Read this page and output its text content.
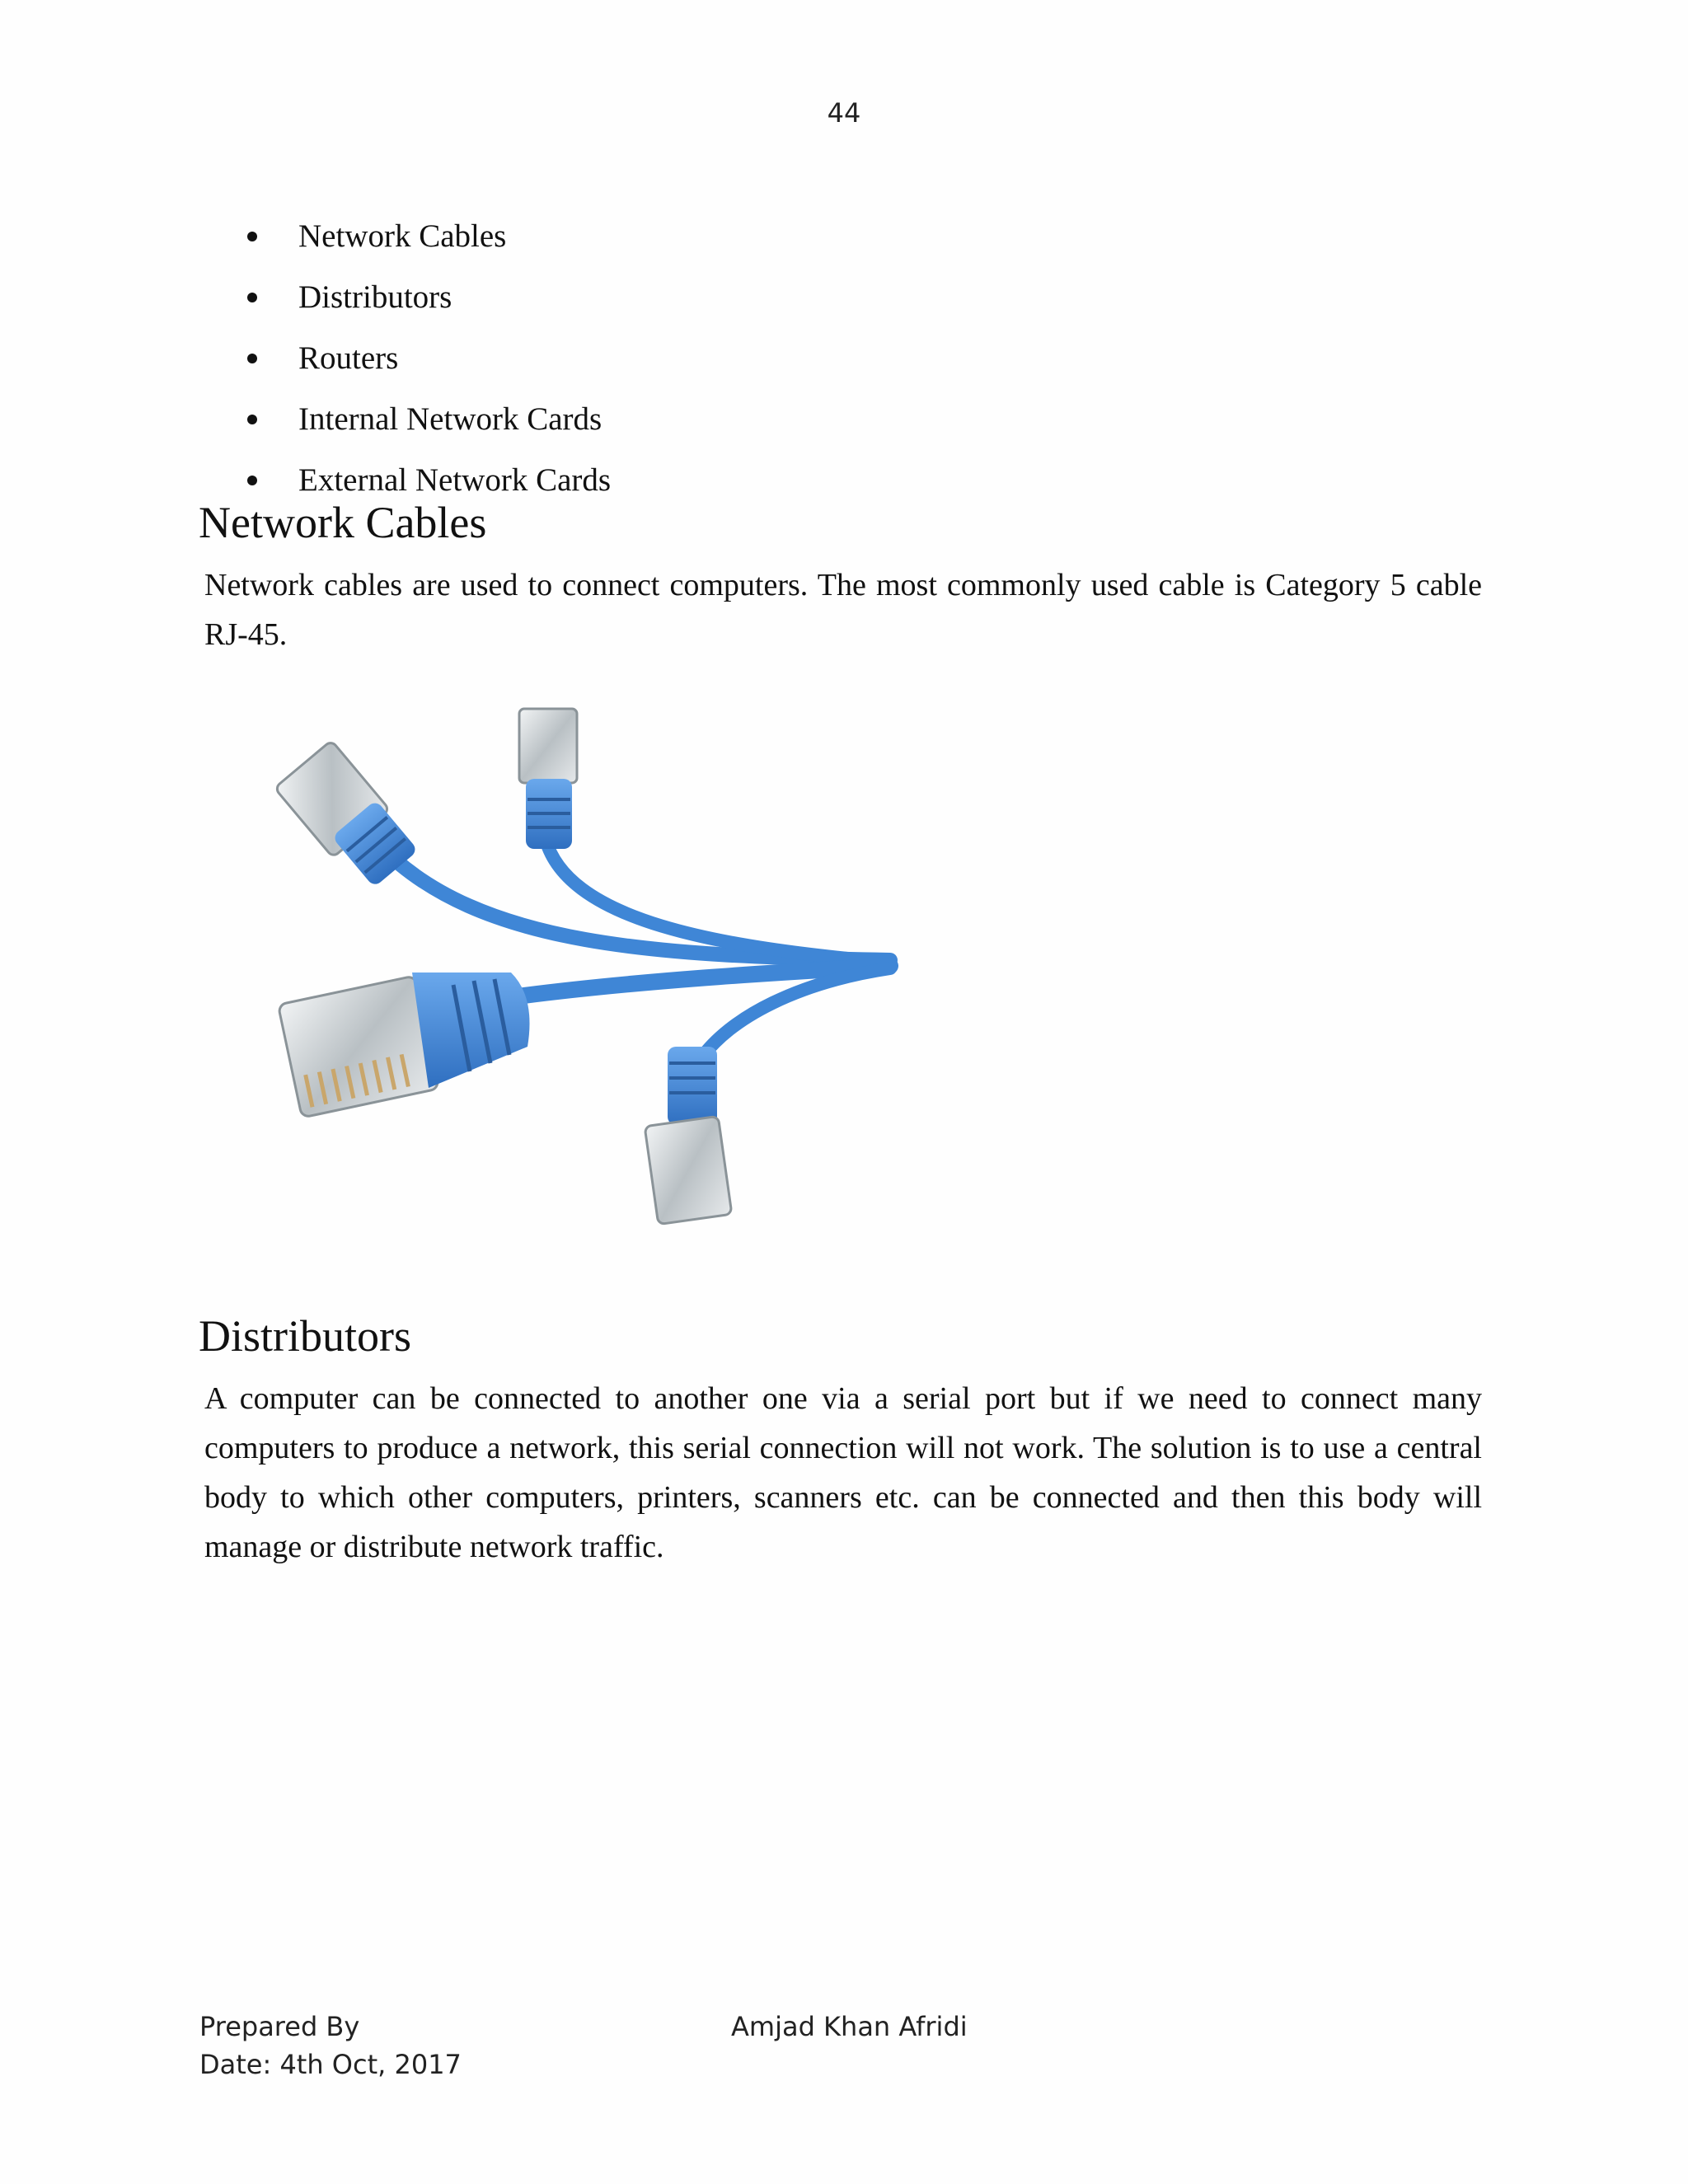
44
Network Cables
Distributors
Routers
Internal Network Cards
External Network Cards
Network Cables

Network cables are used to connect computers. The most commonly used cable is Category 5 cable RJ-45.

Distributors

A computer can be connected to another one via a serial port but if we need to connect many computers to produce a network, this serial connection will not work. The solution is to use a central body to which other computers, printers, scanners etc. can be connected and then this body will manage or distribute network traffic.

Prepared By
Date: 4th Oct, 2017
Amjad Khan Afridi
